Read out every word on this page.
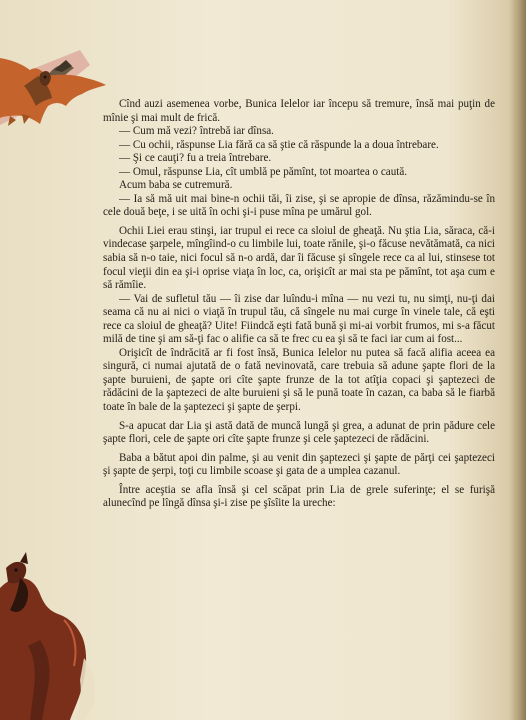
Cînd auzi asemenea vorbe, Bunica Ielelor iar începu să tremure, însă mai puţin de mînie şi mai mult de frică.

— Cum mă vezi? întrebă iar dînsa.

— Cu ochii, răspunse Lia fără ca să ştie că răspunde la a doua întrebare.

— Şi ce cauţi? fu a treia întrebare.

— Omul, răspunse Lia, cît umblă pe pămînt, tot moartea o caută.

Acum baba se cutremură.

— Ia să mă uit mai bine-n ochii tăi, îi zise, şi se apropie de dînsa, răzămindu-se în cele două beţe, i se uită în ochi şi-i puse mîna pe umărul gol.

Ochii Liei erau stinşi, iar trupul ei rece ca sloiul de gheaţă. Nu ştia Lia, săraca, că-i vindecase şarpele, mîngîind-o cu limbile lui, toate rănile, şi-o făcuse nevătămată, ca nici sabia să n-o taie, nici focul să n-o ardă, dar îi făcuse şi sîngele rece ca al lui, stinsese tot focul vieţii din ea şi-i oprise viaţa în loc, ca, orişicît ar mai sta pe pămînt, tot aşa cum e să rămîie.

— Vai de sufletul tău — îi zise dar luîndu-i mîna — nu vezi tu, nu simţi, nu-ţi dai seama că nu ai nici o viaţă în trupul tău, că sîngele nu mai curge în vinele tale, că eşti rece ca sloiul de gheaţă? Uite! Fiindcă eşti fată bună şi mi-ai vorbit frumos, mi s-a făcut milă de tine şi am să-ţi fac o alifie ca să te frec cu ea şi să te faci iar cum ai fost...

Orişicît de îndrăcită ar fi fost însă, Bunica Ielelor nu putea să facă alifia aceea ea singură, ci numai ajutată de o fată nevinovată, care trebuia să adune şapte flori de la şapte buruieni, de şapte ori cîte şapte frunze de la tot atîţia copaci şi şaptezeci de rădăcini de la şaptezeci de alte buruieni şi să le pună toate în cazan, ca baba să le fiarbă toate în bale de la şaptezeci şi şapte de şerpi.

S-a apucat dar Lia şi astă dată de muncă lungă şi grea, a adunat de prin pădure cele şapte flori, cele de şapte ori cîte şapte frunze şi cele şaptezeci de rădăcini.

Baba a bătut apoi din palme, şi au venit din şaptezeci şi şapte de părţi cei şaptezeci şi şapte de şerpi, toţi cu limbile scoase şi gata de a umplea cazanul.

Între aceştia se afla însă şi cel scăpat prin Lia de grele suferinţe; el se furişă alunecînd pe lîngă dînsa şi-i zise pe şîsîite la ureche:
